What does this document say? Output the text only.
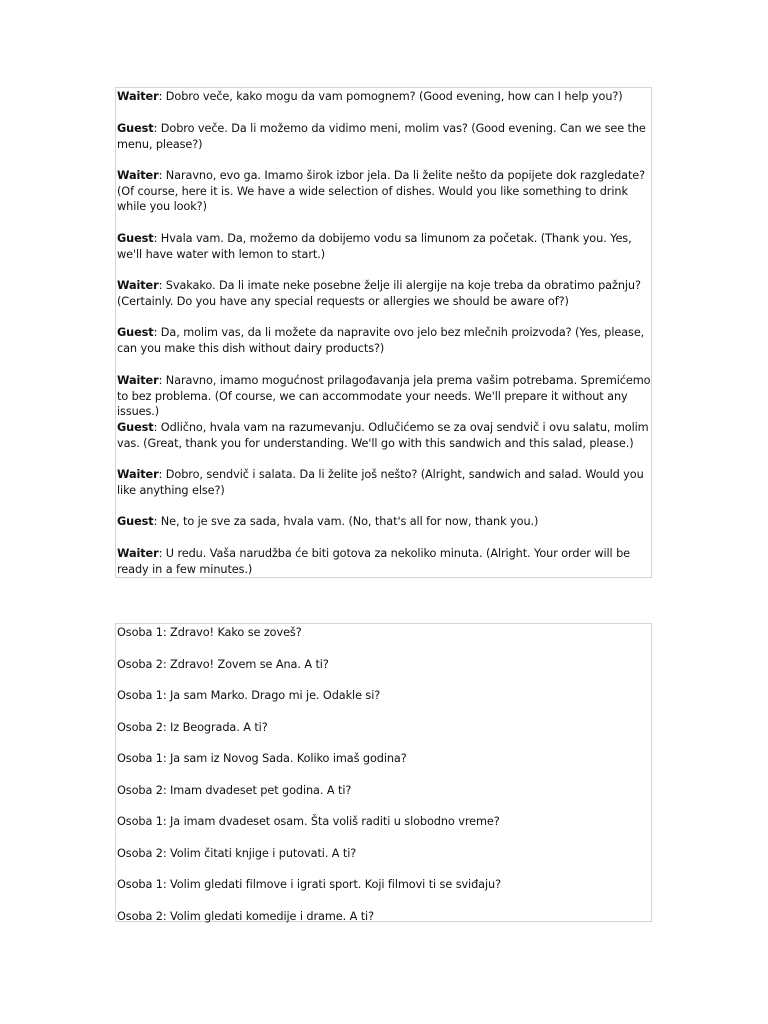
Waiter: Dobro veče, kako mogu da vam pomognem? (Good evening, how can I help you?)

Guest: Dobro veče. Da li možemo da vidimo meni, molim vas? (Good evening. Can we see the menu, please?)

Waiter: Naravno, evo ga. Imamo širok izbor jela. Da li želite nešto da popijete dok razgledate? (Of course, here it is. We have a wide selection of dishes. Would you like something to drink while you look?)

Guest: Hvala vam. Da, možemo da dobijemo vodu sa limunom za početak. (Thank you. Yes, we'll have water with lemon to start.)

Waiter: Svakako. Da li imate neke posebne želje ili alergije na koje treba da obratimo pažnju? (Certainly. Do you have any special requests or allergies we should be aware of?)

Guest: Da, molim vas, da li možete da napravite ovo jelo bez mlečnih proizvoda? (Yes, please, can you make this dish without dairy products?)

Waiter: Naravno, imamo mogućnost prilagođavanja jela prema vašim potrebama. Spremićemo to bez problema. (Of course, we can accommodate your needs. We'll prepare it without any issues.)

Guest: Odlično, hvala vam na razumevanju. Odlučićemo se za ovaj sendvič i ovu salatu, molim vas. (Great, thank you for understanding. We'll go with this sandwich and this salad, please.)

Waiter: Dobro, sendvič i salata. Da li želite još nešto? (Alright, sandwich and salad. Would you like anything else?)

Guest: Ne, to je sve za sada, hvala vam. (No, that's all for now, thank you.)

Waiter: U redu. Vaša narudžba će biti gotova za nekoliko minuta. (Alright. Your order will be ready in a few minutes.)

Osoba 1: Zdravo! Kako se zoveš?

Osoba 2: Zdravo! Zovem se Ana. A ti?

Osoba 1: Ja sam Marko. Drago mi je. Odakle si?

Osoba 2: Iz Beograda. A ti?

Osoba 1: Ja sam iz Novog Sada. Koliko imaš godina?

Osoba 2: Imam dvadeset pet godina. A ti?

Osoba 1: Ja imam dvadeset osam. Šta voliš raditi u slobodno vreme?

Osoba 2: Volim čitati knjige i putovati. A ti?

Osoba 1: Volim gledati filmove i igrati sport. Koji filmovi ti se sviđaju?

Osoba 2: Volim gledati komedije i drame. A ti?
